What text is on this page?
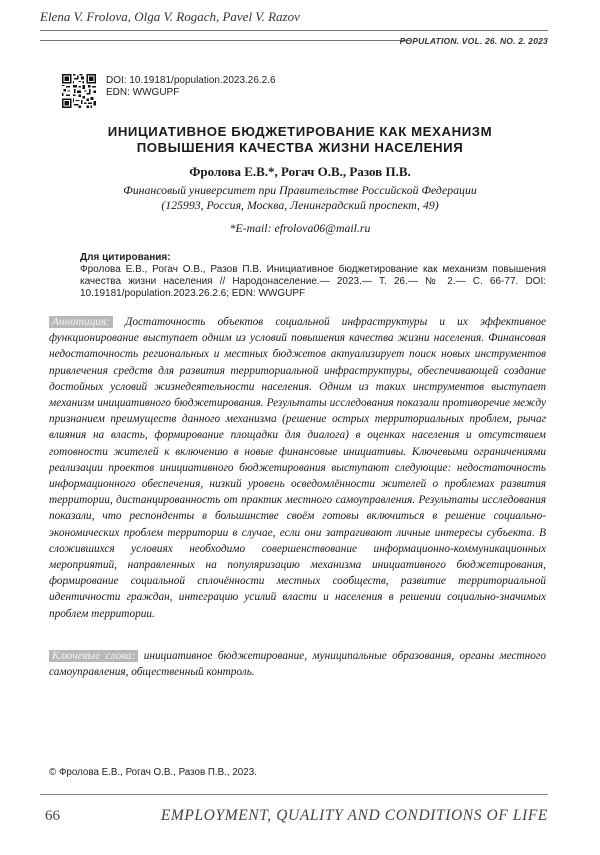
Elena V. Frolova, Olga V. Rogach, Pavel V. Razov
POPULATION. VOL. 26. NO. 2. 2023
DOI: 10.19181/population.2023.26.2.6
EDN: WWGUPF
ИНИЦИАТИВНОЕ БЮДЖЕТИРОВАНИЕ КАК МЕХАНИЗМ
ПОВЫШЕНИЯ КАЧЕСТВА ЖИЗНИ НАСЕЛЕНИЯ
Фролова Е.В.*, Рогач О.В., Разов П.В.
Финансовый университет при Правительстве Российской Федерации
(125993, Россия, Москва, Ленинградский проспект, 49)
*E-mail: efrolova06@mail.ru
Для цитирования:

Фролова Е.В., Рогач О.В., Разов П.В. Инициативное бюджетирование как механизм повышения качества жизни населения // Народонаселение.— 2023.— Т. 26.— № 2.— С. 66-77. DOI: 10.19181/population.2023.26.2.6; EDN: WWGUPF

Аннотация: Достаточность объектов социальной инфраструктуры и их эффективное функционирование выступает одним из условий повышения качества жизни населения. Финансовая недостаточность региональных и местных бюджетов актуализирует поиск новых инструментов привлечения средств для развития территориальной инфраструктуры, обеспечивающей создание достойных условий жизнедеятельности населения. Одним из таких инструментов выступает механизм инициативного бюджетирования. Результаты исследования показали противоречие между признанием преимуществ данного механизма (решение острых территориальных проблем, рычаг влияния на власть, формирование площадки для диалога) в оценках населения и отсутствием готовности жителей к включению в новые финансовые инициативы. Ключевыми ограничениями реализации проектов инициативного бюджетирования выступают следующие: недостаточность информационного обеспечения, низкий уровень осведомлённости жителей о проблемах развития территории, дистанцированность от практик местного самоуправления. Результаты исследования показали, что респонденты в большинстве своём готовы включиться в решение социально-экономических проблем территории в случае, если они затрагивают личные интересы субъекта. В сложившихся условиях необходимо совершенствование информационно-коммуникационных мероприятий, направленных на популяризацию механизма инициативного бюджетирования, формирование социальной сплочённости местных сообществ, развитие территориальной идентичности граждан, интеграцию усилий власти и населения в решении социально-значимых проблем территории.

Ключевые слова: инициативное бюджетирование, муниципальные образования, органы местного самоуправления, общественный контроль.

© Фролова Е.В., Рогач О.В., Разов П.В., 2023.
66	EMPLOYMENT, QUALITY AND CONDITIONS OF LIFE
